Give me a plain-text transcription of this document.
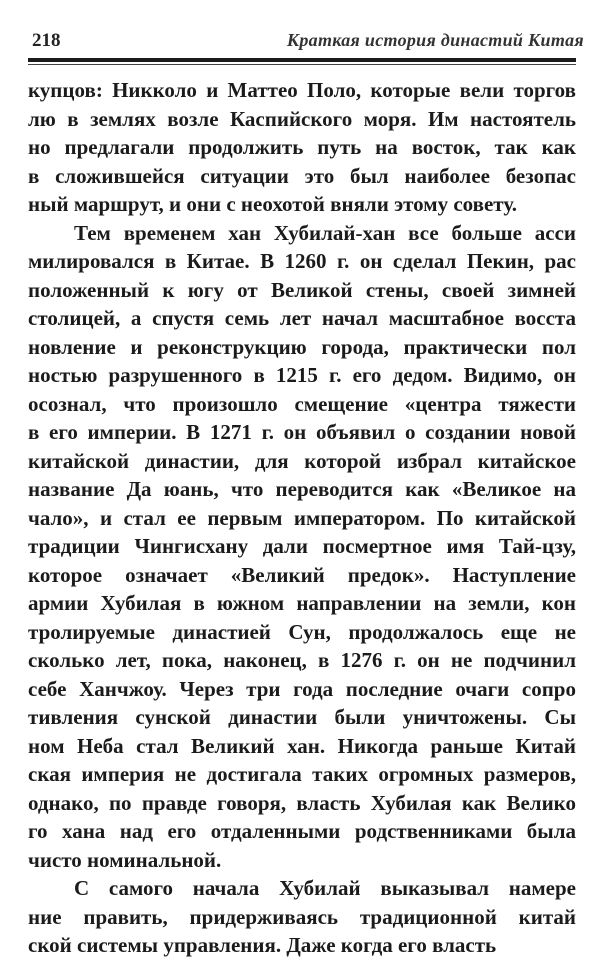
218	Краткая история династий Китая
купцов: Никколо и Маттео Поло, которые вели торгов
лю в землях возле Каспийского моря. Им настоятель
но предлагали продолжить путь на восток, так как
в сложившейся ситуации это был наиболее безопас
ный маршрут, и они с неохотой вняли этому совету.
Тем временем хан Хубилай-хан все больше асси
милировался в Китае. В 1260 г. он сделал Пекин, рас
положенный к югу от Великой стены, своей зимней
столицей, а спустя семь лет начал масштабное восста
новление и реконструкцию города, практически пол
ностью разрушенного в 1215 г. его дедом. Видимо, он
осознал, что произошло смещение «центра тяжести
в его империи. В 1271 г. он объявил о создании новой
китайской династии, для которой избрал китайское
название Да юань, что переводится как «Великое на
чало», и стал ее первым императором. По китайской
традиции Чингисхану дали посмертное имя Тай-цзу,
которое означает «Великий предок». Наступление
армии Хубилая в южном направлении на земли, кон
тролируемые династией Сун, продолжалось еще не
сколько лет, пока, наконец, в 1276 г. он не подчинил
себе Ханчжоу. Через три года последние очаги сопро
тивления сунской династии были уничтожены. Сы
ном Неба стал Великий хан. Никогда раньше Китай
ская империя не достигала таких огромных размеров,
однако, по правде говоря, власть Хубилая как Велико
го хана над его отдаленными родственниками была
чисто номинальной.
С самого начала Хубилай выказывал намере
ние править, придерживаясь традиционной китай
ской системы управления. Даже когда его власть
